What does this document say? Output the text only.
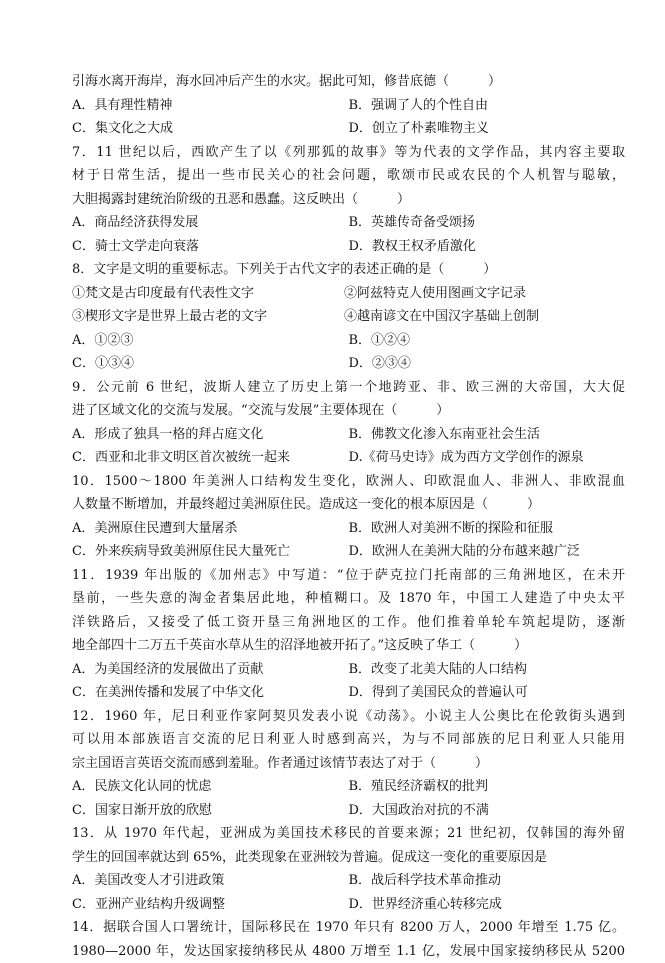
引海水离开海岸，海水回冲后产生的水灾。据此可知，修昔底德（　　　）
A．具有理性精神	B．强调了人的个性自由
C．集文化之大成	D．创立了朴素唯物主义
7．11 世纪以后，西欧产生了以《列那狐的故事》等为代表的文学作品，其内容主要取
材于日常生活，提出一些市民关心的社会问题，歌颂市民或农民的个人机智与聪敏，
大胆揭露封建统治阶级的丑恶和愚蠢。这反映出（　　　）
A．商品经济获得发展	B．英雄传奇备受颂扬
C．骑士文学走向衰落	D．教权王权矛盾激化
8．文字是文明的重要标志。下列关于古代文字的表述正确的是（　　　）
①梵文是古印度最有代表性文字	②阿兹特克人使用图画文字记录
③楔形文字是世界上最古老的文字	④越南谚文在中国汉字基础上创制
A．①②③	B．①②④
C．①③④	D．②③④
9．公元前 6 世纪，波斯人建立了历史上第一个地跨亚、非、欧三洲的大帝国，大大促
进了区域文化的交流与发展。“交流与发展”主要体现在（　　　）
A．形成了独具一格的拜占庭文化	B．佛教文化渗入东南亚社会生活
C．西亚和北非文明区首次被统一起来	D.《荷马史诗》成为西方文学创作的源泉
10．1500～1800 年美洲人口结构发生变化，欧洲人、印欧混血人、非洲人、非欧混血
人数量不断增加，并最终超过美洲原住民。造成这一变化的根本原因是（　　　）
A．美洲原住民遭到大量屠杀	B．欧洲人对美洲不断的探险和征服
C．外来疾病导致美洲原住民大量死亡	D．欧洲人在美洲大陆的分布越来越广泛
11．1939 年出版的《加州志》中写道：“位于萨克拉门托南部的三角洲地区，在未开
垦前，一些失意的淘金者集居此地，种植糊口。及 1870 年，中国工人建造了中央太平
洋铁路后，又接受了低工资开垦三角洲地区的工作。他们推着单轮车筑起堤防，逐渐
地全部四十二万五千英亩水草从生的沼泽地被开拓了。”这反映了华工（　　　）
A．为美国经济的发展做出了贡献	B．改变了北美大陆的人口结构
C．在美洲传播和发展了中华文化	D．得到了美国民众的普遍认可
12．1960 年，尼日利亚作家阿契贝发表小说《动荡》。小说主人公奥比在伦敦街头遇到
可以用本部族语言交流的尼日利亚人时感到高兴，为与不同部族的尼日利亚人只能用
宗主国语言英语交流而感到羞耻。作者通过该情节表达了对于（　　　）
A．民族文化认同的忧虑	B．殖民经济霸权的批判
C．国家日渐开放的欣慰	D．大国政治对抗的不满
13．从 1970 年代起，亚洲成为美国技术移民的首要来源；21 世纪初，仅韩国的海外留
学生的回国率就达到 65%，此类现象在亚洲较为普遍。促成这一变化的重要原因是
A．美国改变人才引进政策	B．战后科学技术革命推动
C．亚洲产业结构升级调整	D．世界经济重心转移完成
14．据联合国人口署统计，国际移民在 1970 年只有 8200 万人，2000 年增至 1.75 亿。
1980—2000 年，发达国家接纳移民从 4800 万增至 1.1 亿，发展中国家接纳移民从 5200
